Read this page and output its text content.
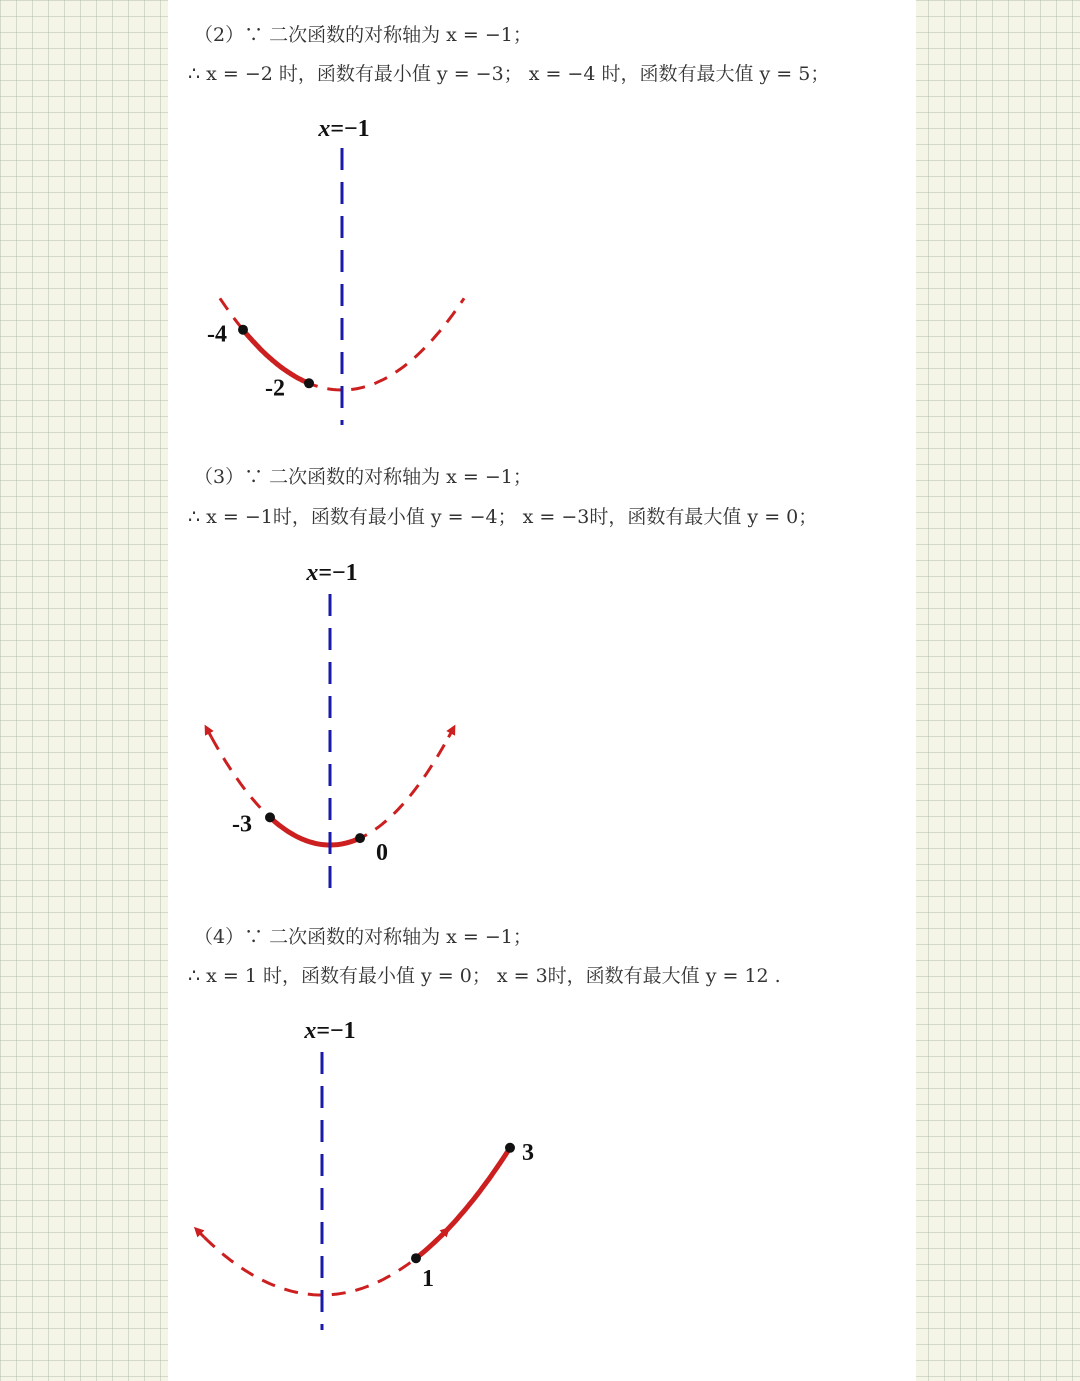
（2）∵ 二次函数的对称轴为 x = −1；
∴ x = −2 时，函数有最小值 y = −3； x = −4 时，函数有最大值 y = 5；
（3）∵ 二次函数的对称轴为 x = −1；
∴ x = −1时，函数有最小值 y = −4； x = −3时，函数有最大值 y = 0；
（4）∵ 二次函数的对称轴为 x = −1；
∴ x = 1 时，函数有最小值 y = 0； x = 3时，函数有最大值 y = 12 .
x=−1
-4
-2
x=−1
-3
0
x=−1
1
3
